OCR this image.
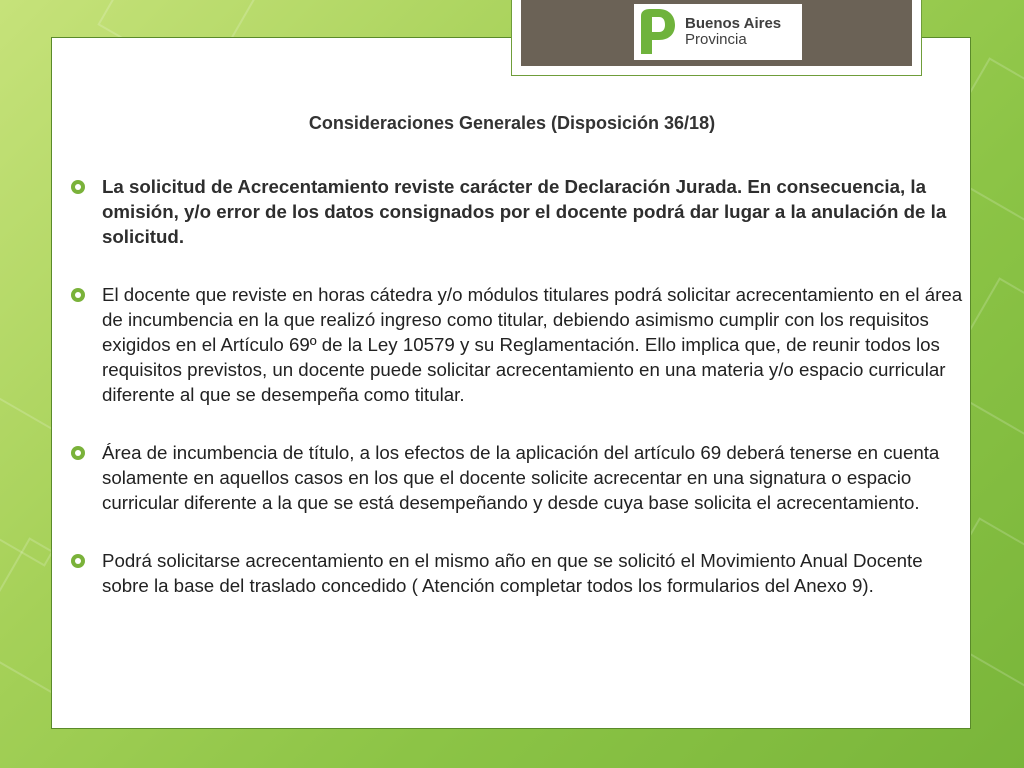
Buenos Aires
Provincia
Consideraciones Generales (Disposición 36/18)
La solicitud de Acrecentamiento reviste carácter de Declaración Jurada. En consecuencia, la omisión, y/o error de los datos consignados por el docente podrá dar lugar a la anulación de la solicitud.
El docente que reviste en horas cátedra y/o módulos titulares podrá solicitar acrecentamiento en el área de incumbencia en la que realizó ingreso como titular, debiendo asimismo cumplir con los requisitos exigidos en el Artículo 69º de la Ley 10579 y su Reglamentación. Ello implica que, de reunir todos los requisitos previstos, un docente puede solicitar acrecentamiento en una materia y/o espacio curricular diferente al que se desempeña como titular.
Área de incumbencia de título, a los efectos de la aplicación del artículo 69 deberá tenerse en cuenta solamente en aquellos casos en los que el docente solicite acrecentar en una signatura o espacio curricular diferente a la que se está desempeñando y desde cuya base solicita el acrecentamiento.
Podrá solicitarse acrecentamiento en el mismo año en que se solicitó el Movimiento Anual Docente sobre la base del traslado concedido ( Atención completar todos los formularios del Anexo 9).
